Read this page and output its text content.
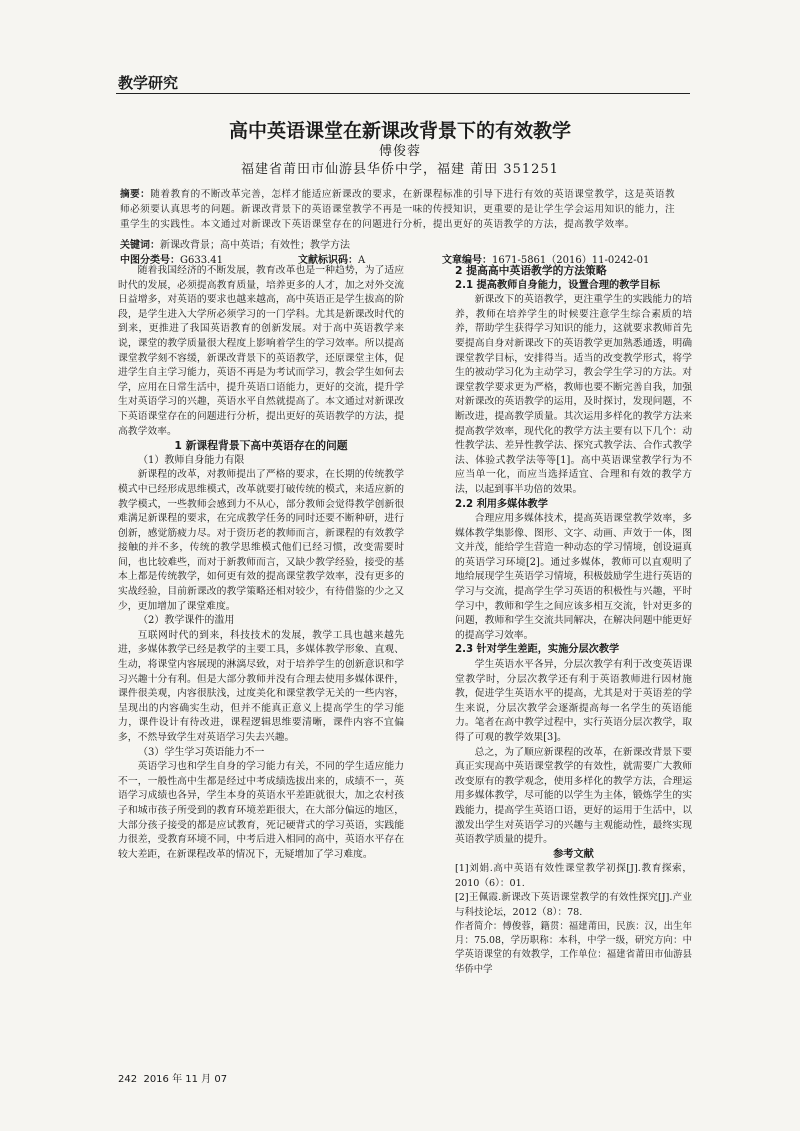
教学研究
高中英语课堂在新课改背景下的有效教学
傅俊蓉
福建省莆田市仙游县华侨中学，福建 莆田 351251
摘要：随着教育的不断改革完善，怎样才能适应新课改的要求，在新课程标准的引导下进行有效的英语课堂教学，这是英语教师必须要认真思考的问题。新课改背景下的英语课堂教学不再是一味的传授知识，更重要的是让学生学会运用知识的能力，注重学生的实践性。本文通过对新课改下英语课堂存在的问题进行分析，提出更好的英语教学的方法，提高教学效率。
关键词：新课改背景；高中英语；有效性；教学方法
中图分类号：G633.41	文献标识码：A	文章编号：1671-5861（2016）11-0242-01

随着我国经济的不断发展，教育改革也是一种趋势，为了适应时代的发展，必须提高教育质量，培养更多的人才，加之对外交流日益增多，对英语的要求也越来越高，高中英语正是学生拔高的阶段，是学生进入大学所必须学习的一门学科。尤其是新课改时代的到来，更推进了我国英语教育的创新发展。对于高中英语教学来说，课堂的教学质量很大程度上影响着学生的学习效率。所以提高课堂教学刻不容缓，新课改背景下的英语教学，还原课堂主体，促进学生自主学习能力，英语不再是为考试而学习，教会学生如何去学，应用在日常生活中，提升英语口语能力，更好的交流，提升学生对英语学习的兴趣，英语水平自然就提高了。本文通过对新课改下英语课堂存在的问题进行分析，提出更好的英语教学的方法，提高教学效率。

1 新课程背景下高中英语存在的问题
（1）教师自身能力有限

新课程的改革，对教师提出了严格的要求，在长期的传统教学模式中已经形成思维模式，改革就要打破传统的模式，来适应新的教学模式，一些教师会感到力不从心，部分教师会觉得教学创新很难满足新课程的要求，在完成教学任务的同时还要不断种研，进行创新，感觉筋疲力尽。对于资历老的教师而言，新课程的有效教学接触的并不多，传统的教学思维模式他们已经习惯，改变需要时间，也比较难些，而对于新教师而言，又缺少教学经验，接受的基本上都是传统教学，如何更有效的提高课堂教学效率，没有更多的实战经验，目前新课改的教学策略还相对较少，有待借鉴的少之又少，更加增加了课堂难度。

（2）教学课件的滥用

互联网时代的到来，科技技术的发展，教学工具也越来越先进，多媒体教学已经是教学的主要工具，多媒体教学形象、直观、生动，将课堂内容展现的淋漓尽致，对于培养学生的创新意识和学习兴趣十分有利。但是大部分教师并没有合理去使用多媒体课件，课件很美观，内容很肤浅，过度美化和课堂教学无关的一些内容，呈现出的内容确实生动，但并不能真正意义上提高学生的学习能力，课件设计有待改进，课程逻辑思维要清晰，课件内容不宜偏多，不然导致学生对英语学习失去兴趣。

（3）学生学习英语能力不一

英语学习也和学生自身的学习能力有关，不同的学生适应能力不一，一般性高中生都是经过中考成绩选拔出来的，成绩不一，英语学习成绩也各异，学生本身的英语水平差距就很大，加之农村孩子和城市孩子所受到的教育环境差距很大，在大部分偏远的地区，大部分孩子接受的都是应试教育，死记硬背式的学习英语，实践能力很差，受教育环境不同，中考后进入相同的高中，英语水平存在较大差距，在新课程改革的情况下，无疑增加了学习难度。

2 提高高中英语教学的方法策略
2.1 提高教师自身能力，设置合理的教学目标

新课改下的英语教学，更注重学生的实践能力的培养，教师在培养学生的时候要注意学生综合素质的培养，帮助学生获得学习知识的能力，这就要求教师首先要提高自身对新课改下的英语教学更加熟悉通透，明确课堂教学目标，安排得当。适当的改变教学形式，将学生的被动学习化为主动学习，教会学生学习的方法。对课堂教学要求更为严格，教师也要不断完善自我，加强对新课改的英语教学的运用，及时探讨，发现问题，不断改进，提高教学质量。其次运用多样化的教学方法来提高教学效率，现代化的教学方法主要有以下几个：动性教学法、差异性教学法、探究式教学法、合作式教学法、体验式教学法等等[1]。高中英语课堂教学行为不应当单一化，而应当选择适宜、合理和有效的教学方法，以起到事半功倍的效果。

2.2 利用多媒体教学

合理应用多媒体技术，提高英语课堂教学效率，多媒体教学集影像、图形、文字、动画、声效于一体，图文并茂，能给学生营造一种动态的学习情境，创设逼真的英语学习环境[2]。通过多媒体，教师可以直观明了地给展现学生英语学习情境，积极鼓励学生进行英语的学习与交流，提高学生学习英语的积极性与兴趣，平时学习中，教师和学生之间应该多相互交流，针对更多的问题，教师和学生交流共同解决，在解决问题中能更好的提高学习效率。

2.3 针对学生差距，实施分层次教学

学生英语水平各异，分层次教学有利于改变英语课堂教学时，分层次教学还有利于英语教师进行因材施教，促进学生英语水平的提高，尤其是对于英语差的学生来说，分层次教学会逐渐提高每一名学生的英语能力。笔者在高中教学过程中，实行英语分层次教学，取得了可观的教学效果[3]。

总之，为了顺应新课程的改革，在新课改背景下要真正实现高中英语课堂教学的有效性，就需要广大教师改变原有的教学观念，使用多样化的教学方法，合理运用多媒体教学，尽可能的以学生为主体，锻炼学生的实践能力，提高学生英语口语，更好的运用于生活中，以激发出学生对英语学习的兴趣与主观能动性，最终实现英语教学质量的提升。

参考文献

[1]刘娟.高中英语有效性课堂教学初探[J].教育探索，2010（6）：01.

[2]王佩霞.新课改下英语课堂教学的有效性探究[J].产业与科技论坛，2012（8）：78.

作者简介：傅俊蓉，籍贯：福建莆田，民族：汉，出生年月：75.08，学历职称：本科，中学一级，研究方向：中学英语课堂的有效教学，工作单位：福建省莆田市仙游县华侨中学

242 2016 年 11 月 07
